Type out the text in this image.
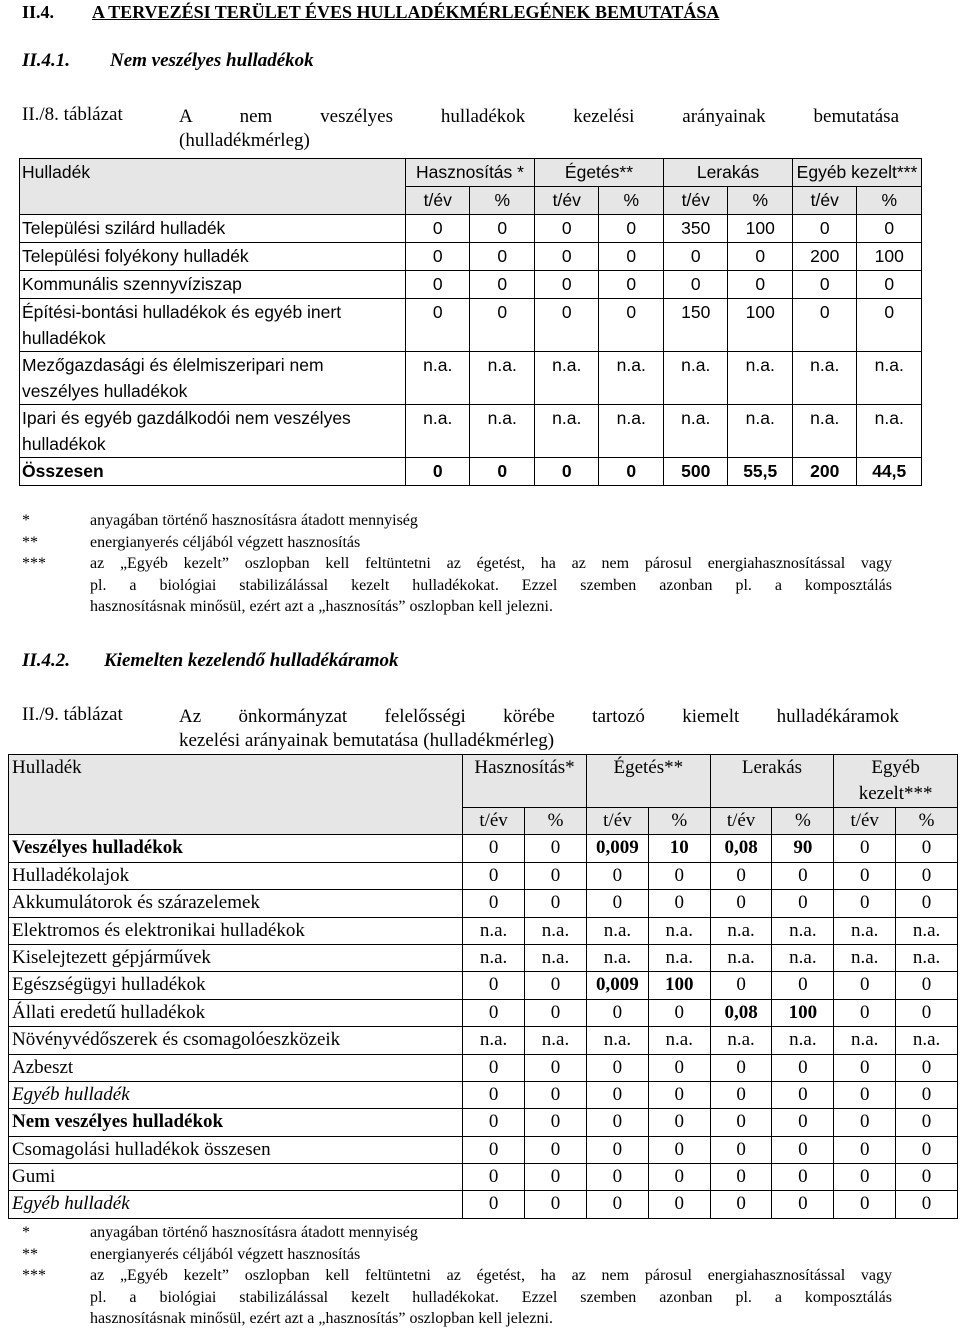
II.4. A TERVEZÉSI TERÜLET ÉVES HULLADÉKMÉRLEGÉNEK BEMUTATÁSA
II.4.1. Nem veszélyes hulladékok
II./8. táblázat	A nem veszélyes hulladékok kezelési arányainak bemutatása
(hulladékmérleg)
Hulladék	Hasznosítás *		Égetés**		Lerakás		Egyéb kezelt***	
	t/év	%	t/év	%	t/év	%	t/év	%
Települési szilárd hulladék	0	0	0	0	350	100	0	0
Települési folyékony hulladék	0	0	0	0	0	0	200	100
Kommunális szennyvíziszap	0	0	0	0	0	0	0	0
Építési-bontási hulladékok és egyéb inert hulladékok	0	0	0	0	150	100	0	0
Mezőgazdasági és élelmiszeripari nem veszélyes hulladékok	n.a.	n.a.	n.a.	n.a.	n.a.	n.a.	n.a.	n.a.
Ipari és egyéb gazdálkodói nem veszélyes hulladékok	n.a.	n.a.	n.a.	n.a.	n.a.	n.a.	n.a.	n.a.
Összesen	0	0	0	0	500	55,5	200	44,5
*	anyagában történő hasznosításra átadott mennyiség
**	energianyerés céljából végzett hasznosítás
***	az „Egyéb kezelt” oszlopban kell feltüntetni az égetést, ha az nem párosul energiahasznosítással vagy
pl. a biológiai stabilizálással kezelt hulladékokat. Ezzel szemben azonban pl. a komposztálás
hasznosításnak minősül, ezért azt a „hasznosítás” oszlopban kell jelezni.
II.4.2. Kiemelten kezelendő hulladékáramok
II./9. táblázat	Az önkormányzat felelősségi körébe tartozó kiemelt hulladékáramok
kezelési arányainak bemutatása (hulladékmérleg)
Hulladék	Hasznosítás*		Égetés**		Lerakás		Egyéb kezelt***	
	t/év	%	t/év	%	t/év	%	t/év	%
Veszélyes hulladékok	0	0	0,009	10	0,08	90	0	0
Hulladékolajok	0	0	0	0	0	0	0	0
Akkumulátorok és szárazelemek	0	0	0	0	0	0	0	0
Elektromos és elektronikai hulladékok	n.a.	n.a.	n.a.	n.a.	n.a.	n.a.	n.a.	n.a.
Kiselejtezett gépjárművek	n.a.	n.a.	n.a.	n.a.	n.a.	n.a.	n.a.	n.a.
Egészségügyi hulladékok	0	0	0,009	100	0	0	0	0
Állati eredetű hulladékok	0	0	0	0	0,08	100	0	0
Növényvédőszerek és csomagolóeszközeik	n.a.	n.a.	n.a.	n.a.	n.a.	n.a.	n.a.	n.a.
Azbeszt	0	0	0	0	0	0	0	0
Egyéb hulladék	0	0	0	0	0	0	0	0
Nem veszélyes hulladékok	0	0	0	0	0	0	0	0
Csomagolási hulladékok összesen	0	0	0	0	0	0	0	0
Gumi	0	0	0	0	0	0	0	0
Egyéb hulladék	0	0	0	0	0	0	0	0
*	anyagában történő hasznosításra átadott mennyiség
**	energianyerés céljából végzett hasznosítás
***	az „Egyéb kezelt” oszlopban kell feltüntetni az égetést, ha az nem párosul energiahasznosítással vagy
pl. a biológiai stabilizálással kezelt hulladékokat. Ezzel szemben azonban pl. a komposztálás
hasznosításnak minősül, ezért azt a „hasznosítás” oszlopban kell jelezni.
